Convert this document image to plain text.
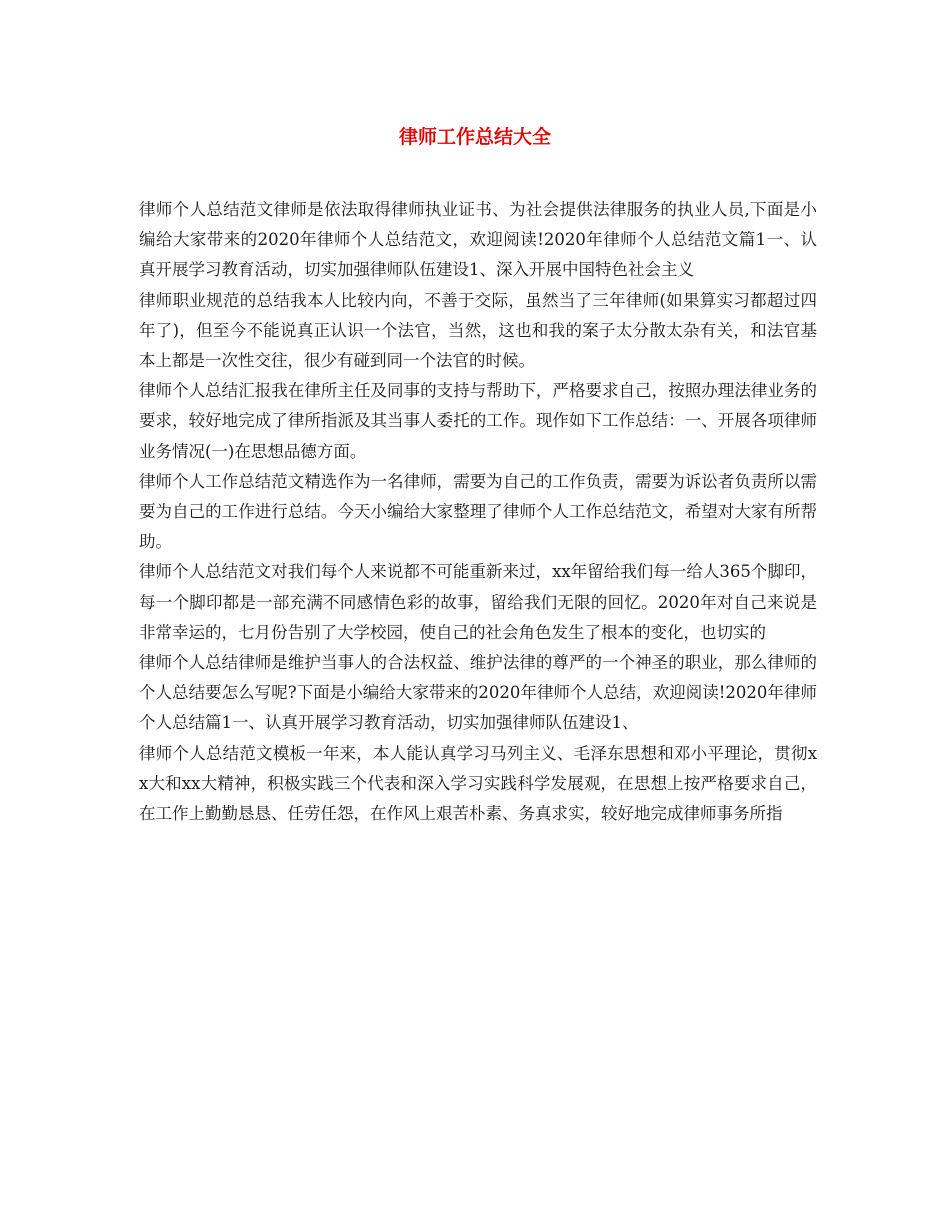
律师工作总结大全

律师个人总结范文律师是依法取得律师执业证书、为社会提供法律服务的执业人员,下面是小编给大家带来的2020年律师个人总结范文，欢迎阅读!2020年律师个人总结范文篇1一、认真开展学习教育活动，切实加强律师队伍建设1、深入开展中国特色社会主义

律师职业规范的总结我本人比较内向，不善于交际，虽然当了三年律师(如果算实习都超过四年了)，但至今不能说真正认识一个法官，当然，这也和我的案子太分散太杂有关，和法官基本上都是一次性交往，很少有碰到同一个法官的时候。

律师个人总结汇报我在律所主任及同事的支持与帮助下，严格要求自己，按照办理法律业务的要求，较好地完成了律所指派及其当事人委托的工作。现作如下工作总结：一、开展各项律师业务情况(一)在思想品德方面。

律师个人工作总结范文精选作为一名律师，需要为自己的工作负责，需要为诉讼者负责所以需要为自己的工作进行总结。今天小编给大家整理了律师个人工作总结范文，希望对大家有所帮助。

律师个人总结范文对我们每个人来说都不可能重新来过，xx年留给我们每一给人365个脚印，每一个脚印都是一部充满不同感情色彩的故事，留给我们无限的回忆。2020年对自己来说是非常幸运的，七月份告别了大学校园，使自己的社会角色发生了根本的变化，也切实的

律师个人总结律师是维护当事人的合法权益、维护法律的尊严的一个神圣的职业，那么律师的个人总结要怎么写呢?下面是小编给大家带来的2020年律师个人总结，欢迎阅读!2020年律师个人总结篇1一、认真开展学习教育活动，切实加强律师队伍建设1、

律师个人总结范文模板一年来，本人能认真学习马列主义、毛泽东思想和邓小平理论，贯彻xx大和xx大精神，积极实践三个代表和深入学习实践科学发展观，在思想上按严格要求自己，在工作上勤勤恳恳、任劳任怨，在作风上艰苦朴素、务真求实，较好地完成律师事务所指
